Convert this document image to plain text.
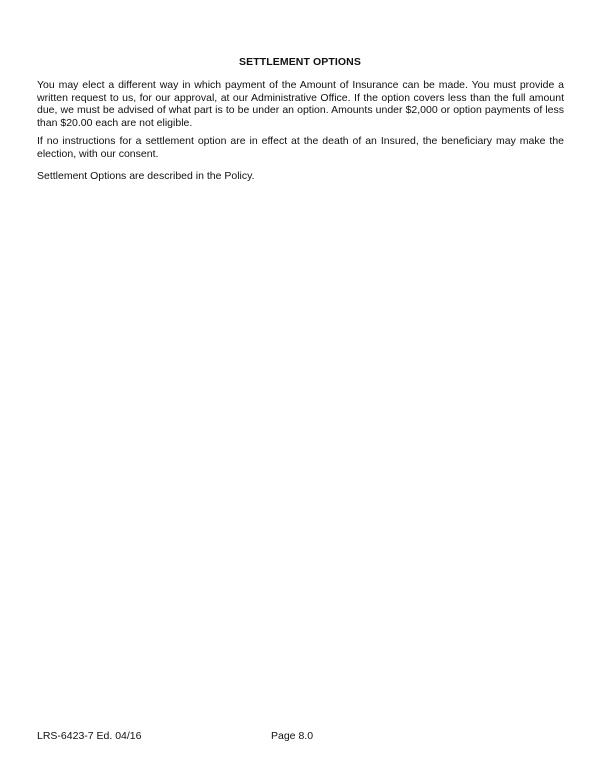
SETTLEMENT OPTIONS

You may elect a different way in which payment of the Amount of Insurance can be made. You must provide a written request to us, for our approval, at our Administrative Office. If the option covers less than the full amount due, we must be advised of what part is to be under an option. Amounts under $2,000 or option payments of less than $20.00 each are not eligible.

If no instructions for a settlement option are in effect at the death of an Insured, the beneficiary may make the election, with our consent.

Settlement Options are described in the Policy.

LRS-6423-7 Ed. 04/16	Page 8.0
